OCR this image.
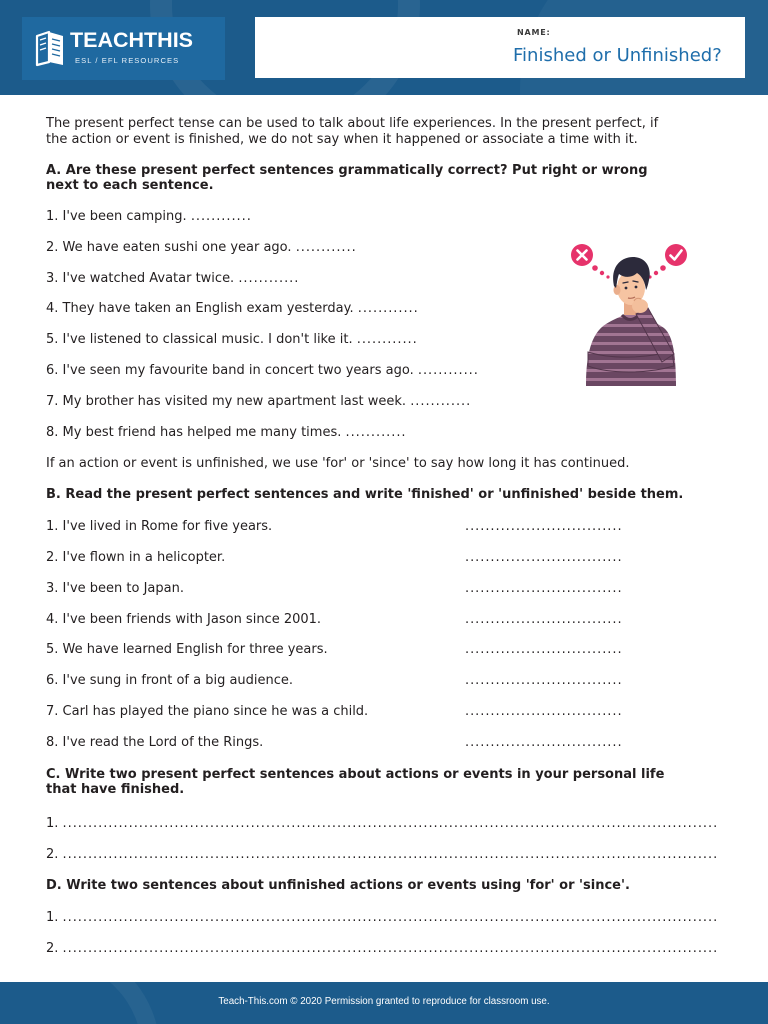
TEACHTHIS
ESL / EFL RESOURCES
NAME:
Finished or Unfinished?
The present perfect tense can be used to talk about life experiences. In the present perfect, if
the action or event is finished, we do not say when it happened or associate a time with it.
A. Are these present perfect sentences grammatically correct? Put right or wrong
next to each sentence.
1. I've been camping. ............
2. We have eaten sushi one year ago. ............
3. I've watched Avatar twice. ............
4. They have taken an English exam yesterday. ............
5. I've listened to classical music. I don't like it. ............
6. I've seen my favourite band in concert two years ago. ............
7. My brother has visited my new apartment last week. ............
8. My best friend has helped me many times. ............
If an action or event is unfinished, we use 'for' or 'since' to say how long it has continued.
B. Read the present perfect sentences and write 'finished' or 'unfinished' beside them.
1. I've lived in Rome for five years.	...............................
2. I've flown in a helicopter.	...............................
3. I've been to Japan.	...............................
4. I've been friends with Jason since 2001.	...............................
5. We have learned English for three years.	...............................
6. I've sung in front of a big audience.	...............................
7. Carl has played the piano since he was a child.	...............................
8. I've read the Lord of the Rings.	...............................
C. Write two present perfect sentences about actions or events in your personal life
that have finished.
1. .................................................................................................................................
2. .................................................................................................................................
D. Write two sentences about unfinished actions or events using 'for' or 'since'.
1. .................................................................................................................................
2. .................................................................................................................................
Teach-This.com © 2020 Permission granted to reproduce for classroom use.
